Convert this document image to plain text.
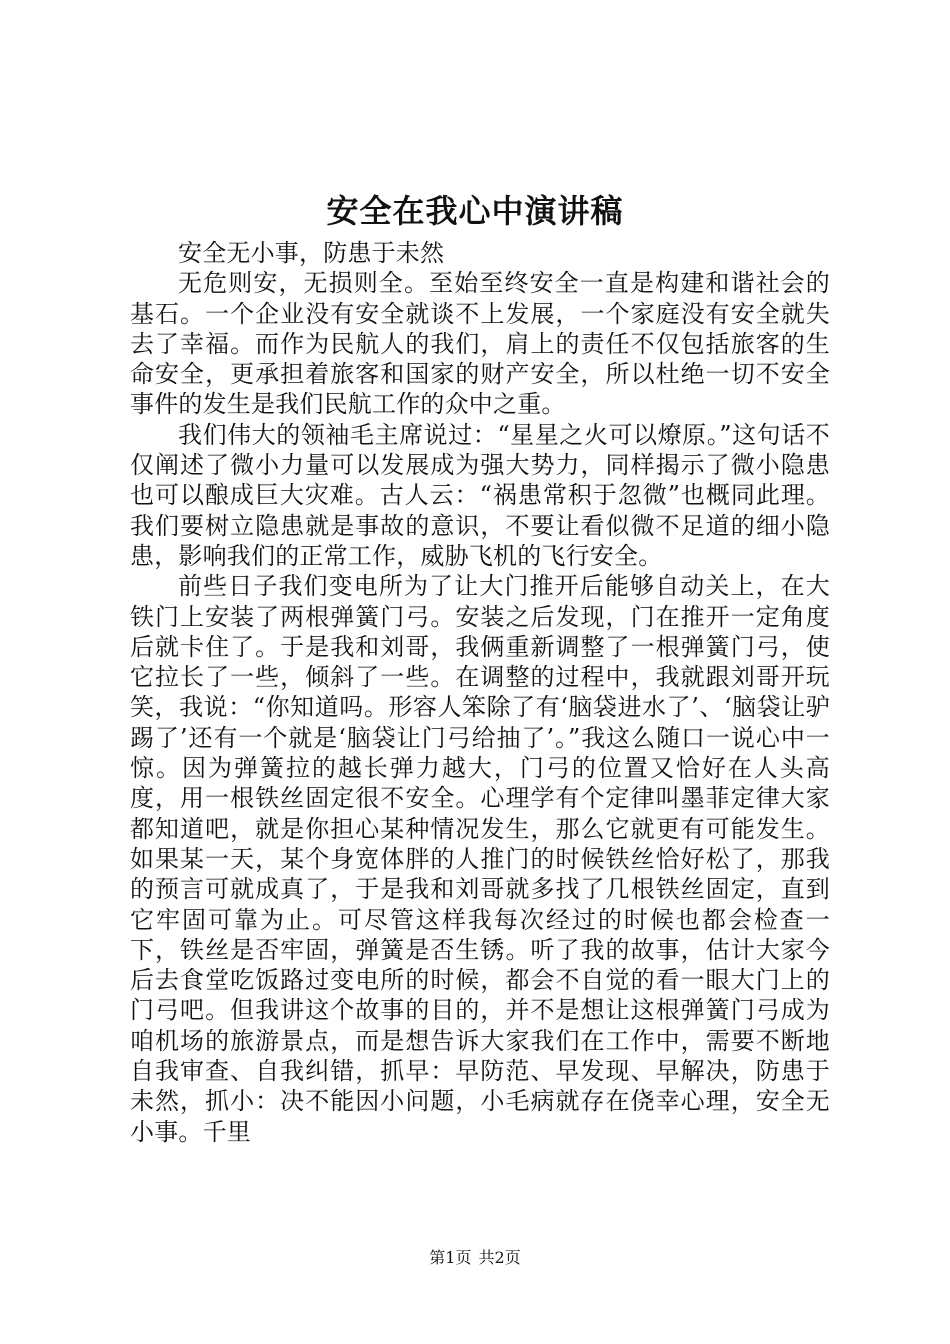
安全在我心中演讲稿

安全无小事，防患于未然

无危则安，无损则全。至始至终安全一直是构建和谐社会的基石。一个企业没有安全就谈不上发展，一个家庭没有安全就失去了幸福。而作为民航人的我们，肩上的责任不仅包括旅客的生命安全，更承担着旅客和国家的财产安全，所以杜绝一切不安全事件的发生是我们民航工作的众中之重。

我们伟大的领袖毛主席说过：“星星之火可以燎原。”这句话不仅阐述了微小力量可以发展成为强大势力，同样揭示了微小隐患也可以酿成巨大灾难。古人云：“祸患常积于忽微”也概同此理。我们要树立隐患就是事故的意识，不要让看似微不足道的细小隐患，影响我们的正常工作，威胁飞机的飞行安全。

前些日子我们变电所为了让大门推开后能够自动关上，在大铁门上安装了两根弹簧门弓。安装之后发现，门在推开一定角度后就卡住了。于是我和刘哥，我俩重新调整了一根弹簧门弓，使它拉长了一些，倾斜了一些。在调整的过程中，我就跟刘哥开玩笑，我说：“你知道吗。形容人笨除了有‘脑袋进水了’、‘脑袋让驴踢了’还有一个就是‘脑袋让门弓给抽了’。”我这么随口一说心中一惊。因为弹簧拉的越长弹力越大，门弓的位置又恰好在人头高度，用一根铁丝固定很不安全。心理学有个定律叫墨菲定律大家都知道吧，就是你担心某种情况发生，那么它就更有可能发生。如果某一天，某个身宽体胖的人推门的时候铁丝恰好松了，那我的预言可就成真了，于是我和刘哥就多找了几根铁丝固定，直到它牢固可靠为止。可尽管这样我每次经过的时候也都会检查一下，铁丝是否牢固，弹簧是否生锈。听了我的故事，估计大家今后去食堂吃饭路过变电所的时候，都会不自觉的看一眼大门上的门弓吧。但我讲这个故事的目的，并不是想让这根弹簧门弓成为咱机场的旅游景点，而是想告诉大家我们在工作中，需要不断地自我审查、自我纠错，抓早：早防范、早发现、早解决，防患于未然，抓小：决不能因小问题，小毛病就存在侥幸心理，安全无小事。千里

第1页 共2页
